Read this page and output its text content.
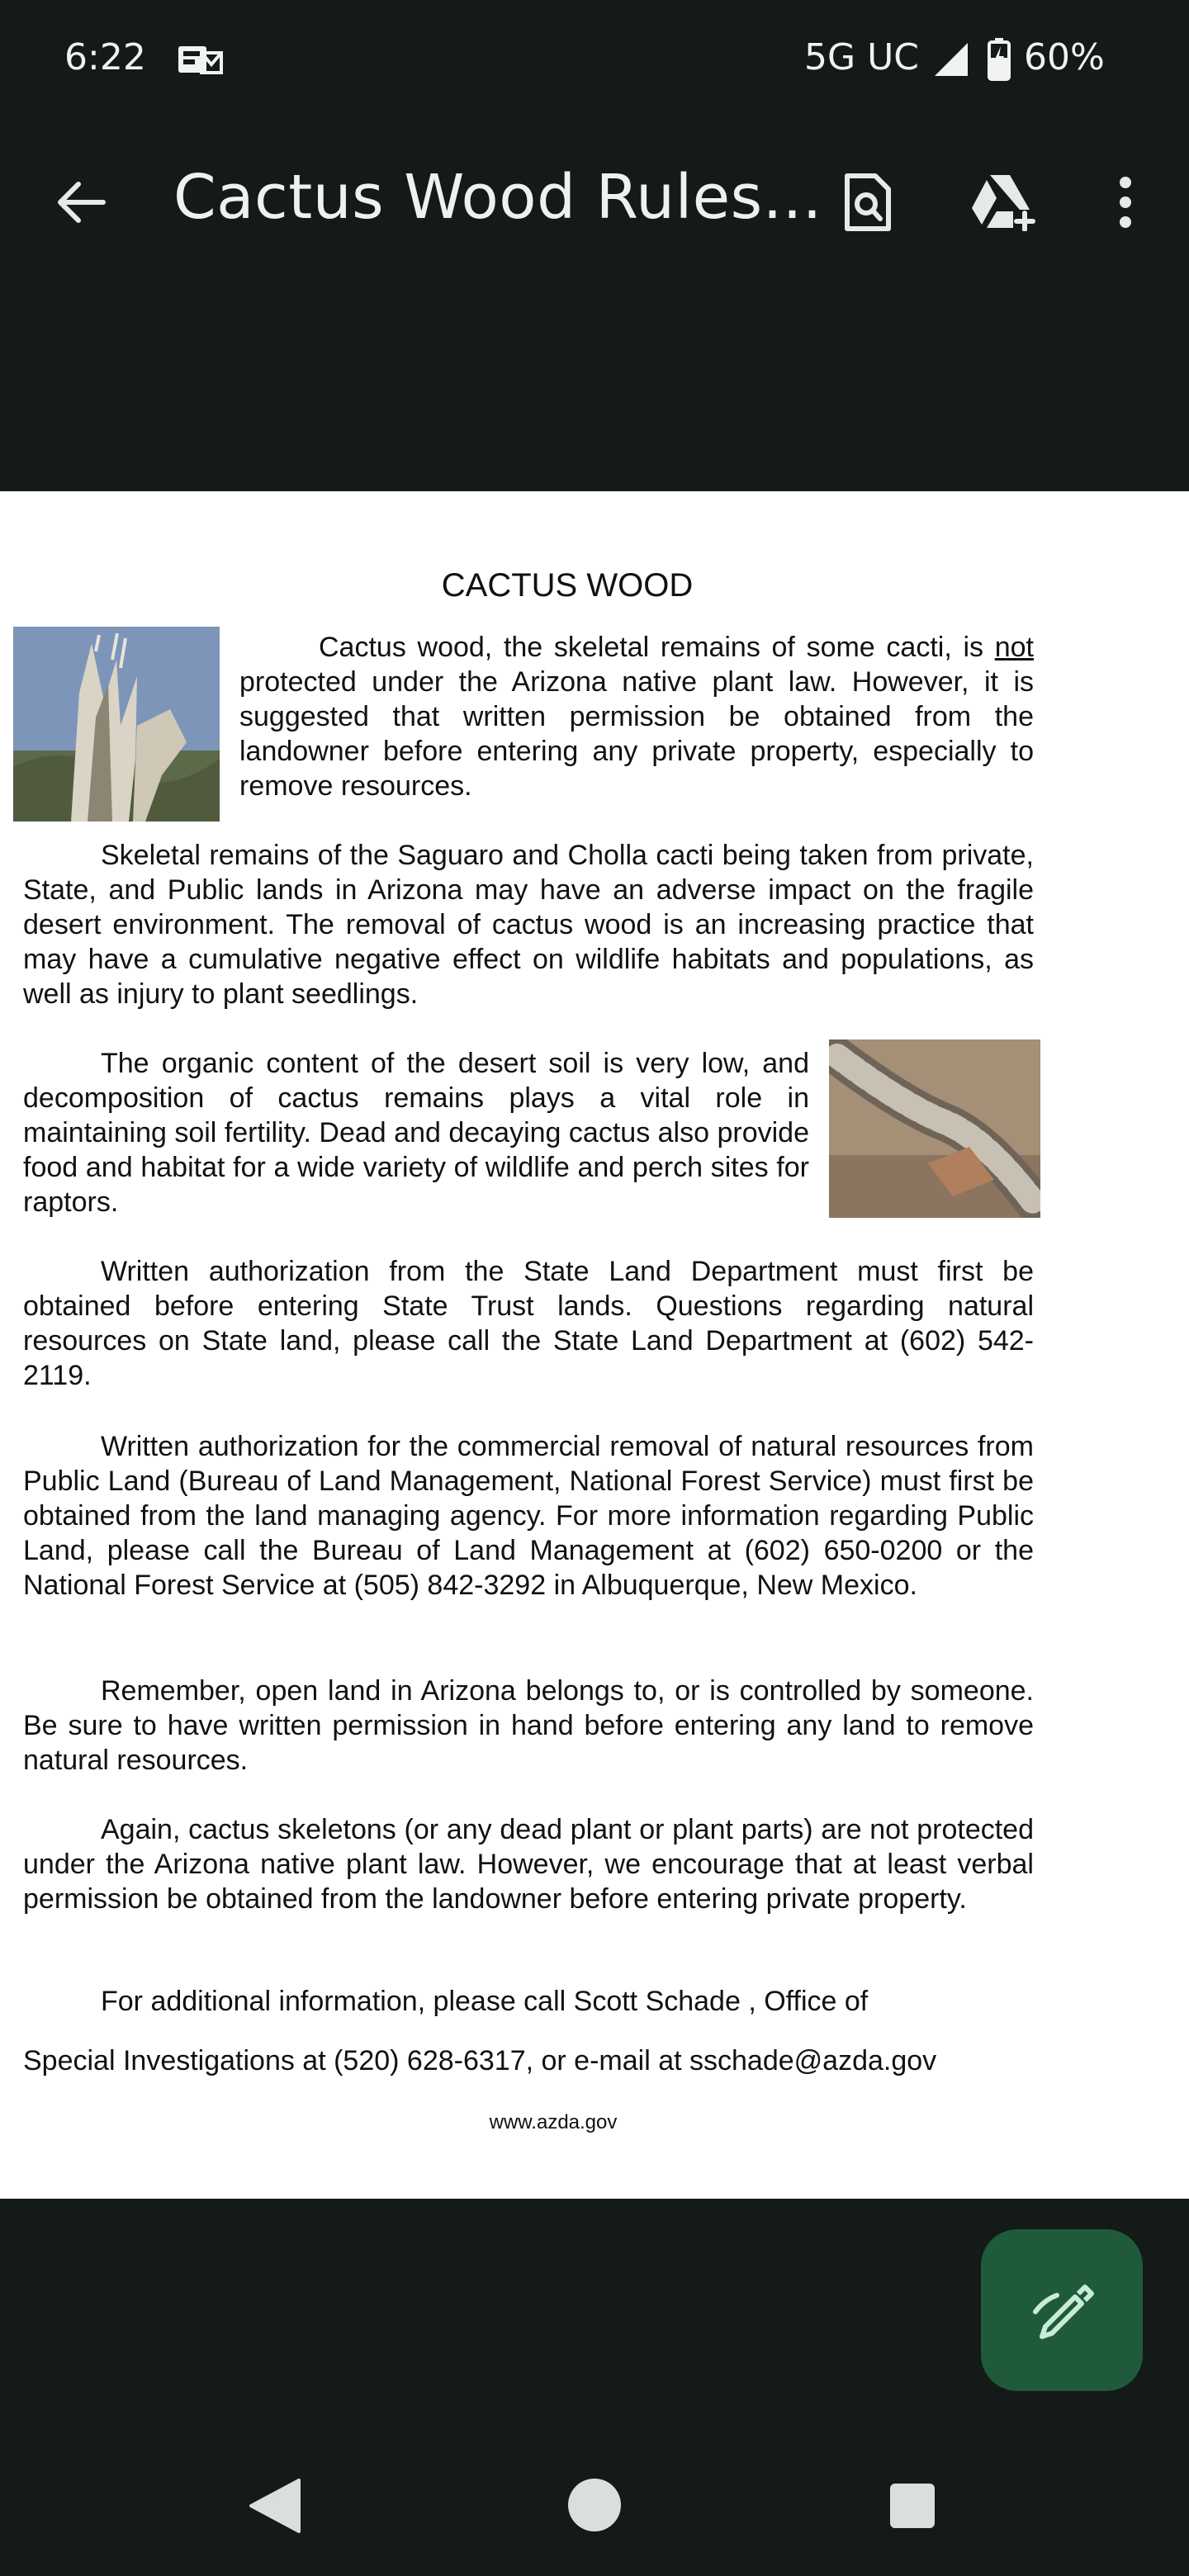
6:22	5G UC	60%
Cactus Wood Rules...
CACTUS WOOD

Cactus wood, the skeletal remains of some cacti, is not protected under the Arizona native plant law. However, it is suggested that written permission be obtained from the landowner before entering any private property, especially to remove resources.

Skeletal remains of the Saguaro and Cholla cacti being taken from private, State, and Public lands in Arizona may have an adverse impact on the fragile desert environment. The removal of cactus wood is an increasing practice that may have a cumulative negative effect on wildlife habitats and populations, as well as injury to plant seedlings.

The organic content of the desert soil is very low, and decomposition of cactus remains plays a vital role in maintaining soil fertility. Dead and decaying cactus also provide food and habitat for a wide variety of wildlife and perch sites for raptors.

Written authorization from the State Land Department must first be obtained before entering State Trust lands. Questions regarding natural resources on State land, please call the State Land Department at (602) 542-2119.

Written authorization for the commercial removal of natural resources from Public Land (Bureau of Land Management, National Forest Service) must first be obtained from the land managing agency. For more information regarding Public Land, please call the Bureau of Land Management at (602) 650-0200 or the National Forest Service at (505) 842-3292 in Albuquerque, New Mexico.

Remember, open land in Arizona belongs to, or is controlled by someone. Be sure to have written permission in hand before entering any land to remove natural resources.

Again, cactus skeletons (or any dead plant or plant parts) are not protected under the Arizona native plant law. However, we encourage that at least verbal permission be obtained from the landowner before entering private property.

For additional information, please call Scott Schade , Office of

Special Investigations at (520) 628-6317, or e-mail at sschade@azda.gov

www.azda.gov
